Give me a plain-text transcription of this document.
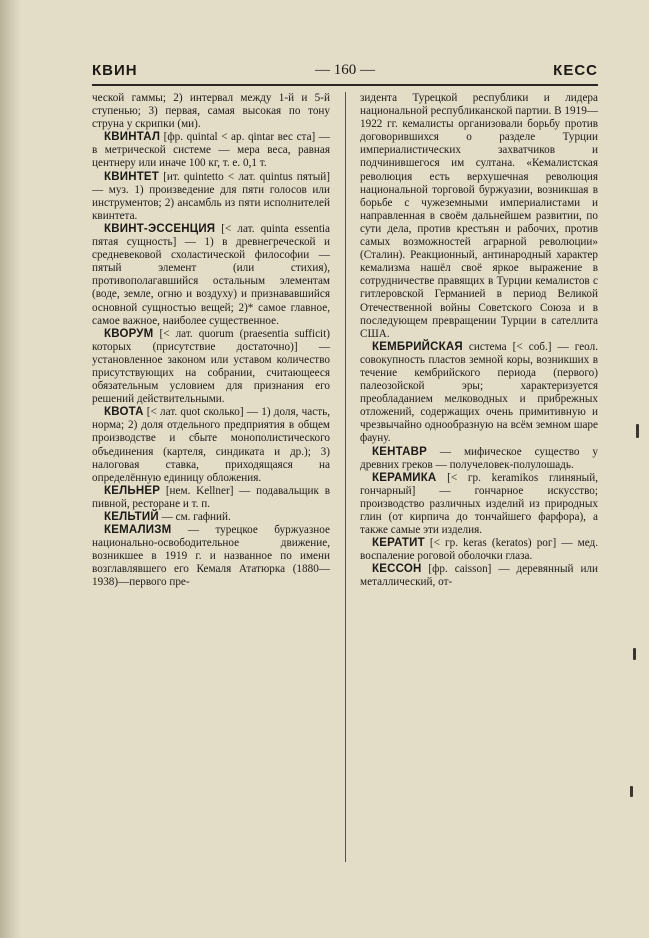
КВИН	— 160 —	КЕСС

ческой гаммы; 2) интервал между 1-й и 5-й ступенью; 3) первая, самая высокая по тону струна у скрипки (ми).

КВИНТАЛ [фр. quintal < ар. qintar вес ста] — в метрической системе — мера веса, равная центнеру или иначе 100 кг, т. е. 0,1 т.

КВИНТЕТ [ит. quintetto < лат. quintus пятый] — муз. 1) произведение для пяти голосов или инструментов; 2) ансамбль из пяти исполнителей квинтета.

КВИНТ-ЭССЕНЦИЯ [< лат. quinta essentia пятая сущность] — 1) в древнегреческой и средневековой схоластической философии — пятый элемент (или стихия), противополагавшийся остальным элементам (воде, земле, огню и воздуху) и признававшийся основной сущностью вещей; 2)* самое главное, самое важное, наиболее существенное.

КВОРУМ [< лат. quorum (praesentia sufficit) которых (присутствие достаточно)] — установленное законом или уставом количество присутствующих на собрании, считающееся обязательным условием для признания его решений действительными.

КВОТА [< лат. quot сколько] — 1) доля, часть, норма; 2) доля отдельного предприятия в общем производстве и сбыте монополистического объединения (картеля, синдиката и др.); 3) налоговая ставка, приходящаяся на определённую единицу обложения.

КЕЛЬНЕР [нем. Kellner] — подавальщик в пивной, ресторане и т. п.

КЕЛЬТИЙ — см. гафний.

КЕМАЛИЗМ — турецкое буржуазное национально-освободительное движение, возникшее в 1919 г. и названное по имени возглавлявшего его Кемаля Ататюрка (1880—1938)—первого пре-

зидента Турецкой республики и лидера национальной республиканской партии. В 1919—1922 гг. кемалисты организовали борьбу против договорившихся о разделе Турции империалистических захватчиков и подчинившегося им султана. «Кемалистская революция есть верхушечная революция национальной торговой буржуазии, возникшая в борьбе с чужеземными империалистами и направленная в своём дальнейшем развитии, по сути дела, против крестьян и рабочих, против самых возможностей аграрной революции» (Сталин). Реакционный, антинародный характер кемализма нашёл своё яркое выражение в сотрудничестве правящих в Турции кемалистов с гитлеровской Германией в период Великой Отечественной войны Советского Союза и в последующем превращении Турции в сателлита США.

КЕМБРИЙСКАЯ система [< соб.] — геол. совокупность пластов земной коры, возникших в течение кембрийского периода (первого) палеозойской эры; характеризуется преобладанием мелководных и прибрежных отложений, содержащих очень примитивную и чрезвычайно однообразную на всём земном шаре фауну.

КЕНТАВР — мифическое существо у древних греков — получеловек-полулошадь.

КЕРАМИКА [< гр. keramikos глиняный, гончарный] — гончарное искусство; производство различных изделий из природных глин (от кирпича до тончайшего фарфора), а также самые эти изделия.

КЕРАТИТ [< гр. keras (keratos) рог] — мед. воспаление роговой оболочки глаза.

КЕССОН [фр. caisson] — деревянный или металлический, от-
